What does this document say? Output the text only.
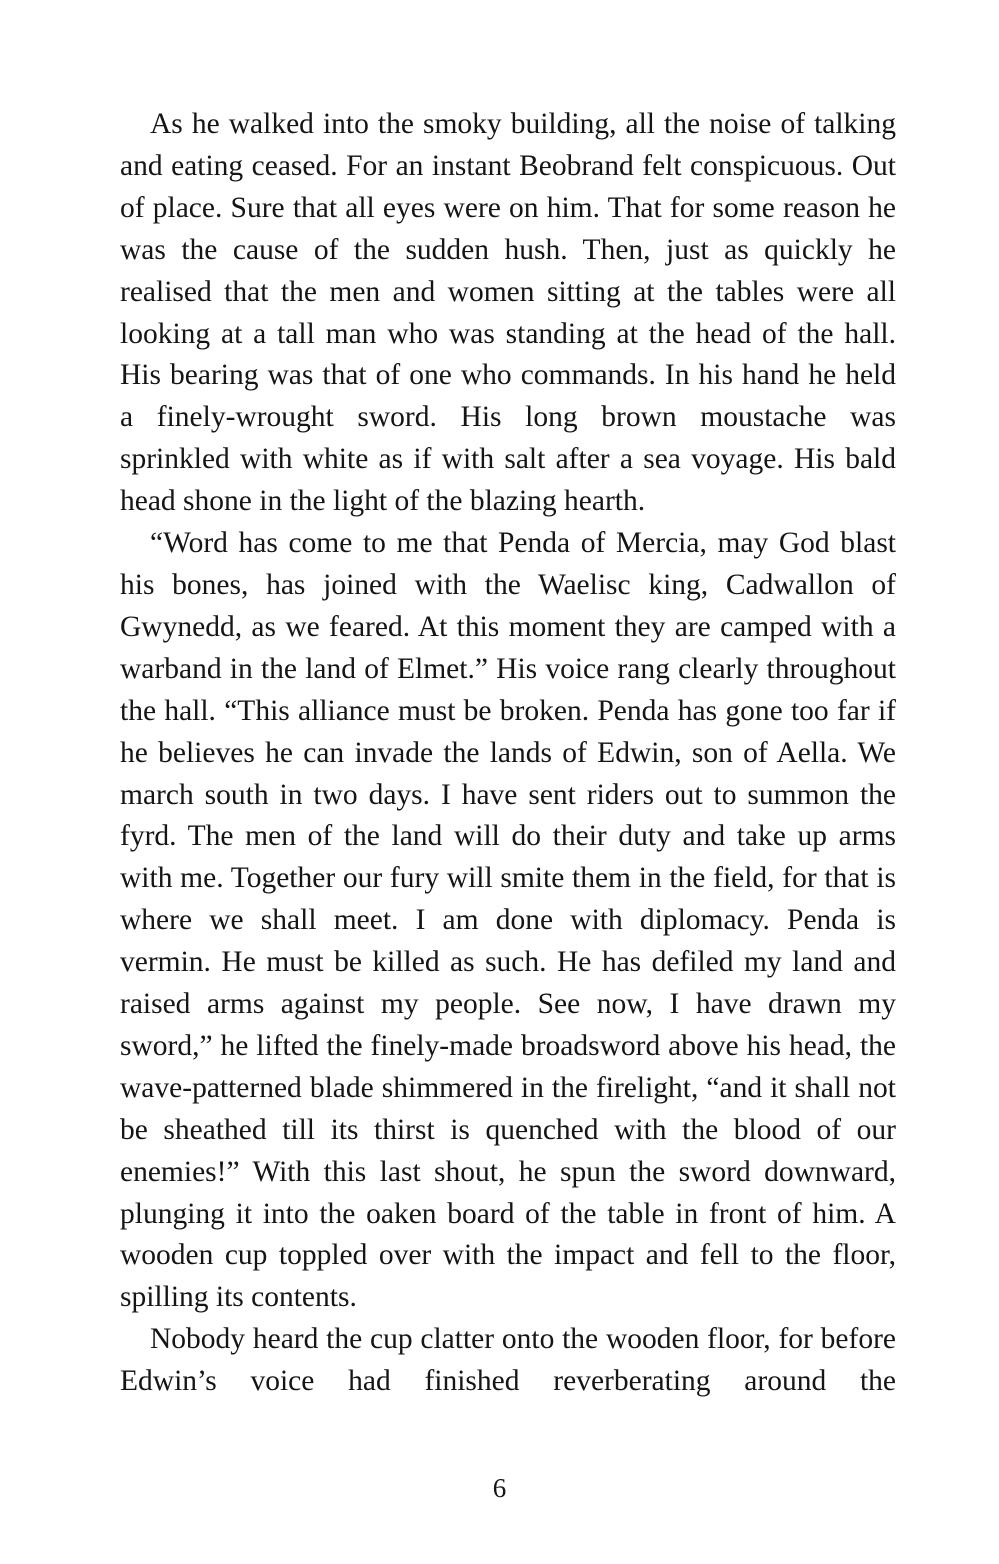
As he walked into the smoky building, all the noise of talking and eating ceased. For an instant Beobrand felt conspicuous. Out of place. Sure that all eyes were on him. That for some reason he was the cause of the sudden hush. Then, just as quickly he realised that the men and women sitting at the tables were all looking at a tall man who was standing at the head of the hall. His bearing was that of one who commands. In his hand he held a finely-wrought sword. His long brown moustache was sprinkled with white as if with salt after a sea voyage. His bald head shone in the light of the blazing hearth.

“Word has come to me that Penda of Mercia, may God blast his bones, has joined with the Waelisc king, Cadwallon of Gwynedd, as we feared. At this moment they are camped with a warband in the land of Elmet.” His voice rang clearly throughout the hall. “This alliance must be broken. Penda has gone too far if he believes he can invade the lands of Edwin, son of Aella. We march south in two days. I have sent riders out to summon the fyrd. The men of the land will do their duty and take up arms with me. Together our fury will smite them in the field, for that is where we shall meet. I am done with diplomacy. Penda is vermin. He must be killed as such. He has defiled my land and raised arms against my people. See now, I have drawn my sword,” he lifted the finely-made broadsword above his head, the wave-patterned blade shimmered in the firelight, “and it shall not be sheathed till its thirst is quenched with the blood of our enemies!” With this last shout, he spun the sword downward, plunging it into the oaken board of the table in front of him. A wooden cup toppled over with the impact and fell to the floor, spilling its contents.

Nobody heard the cup clatter onto the wooden floor, for before Edwin’s voice had finished reverberating around the

6
